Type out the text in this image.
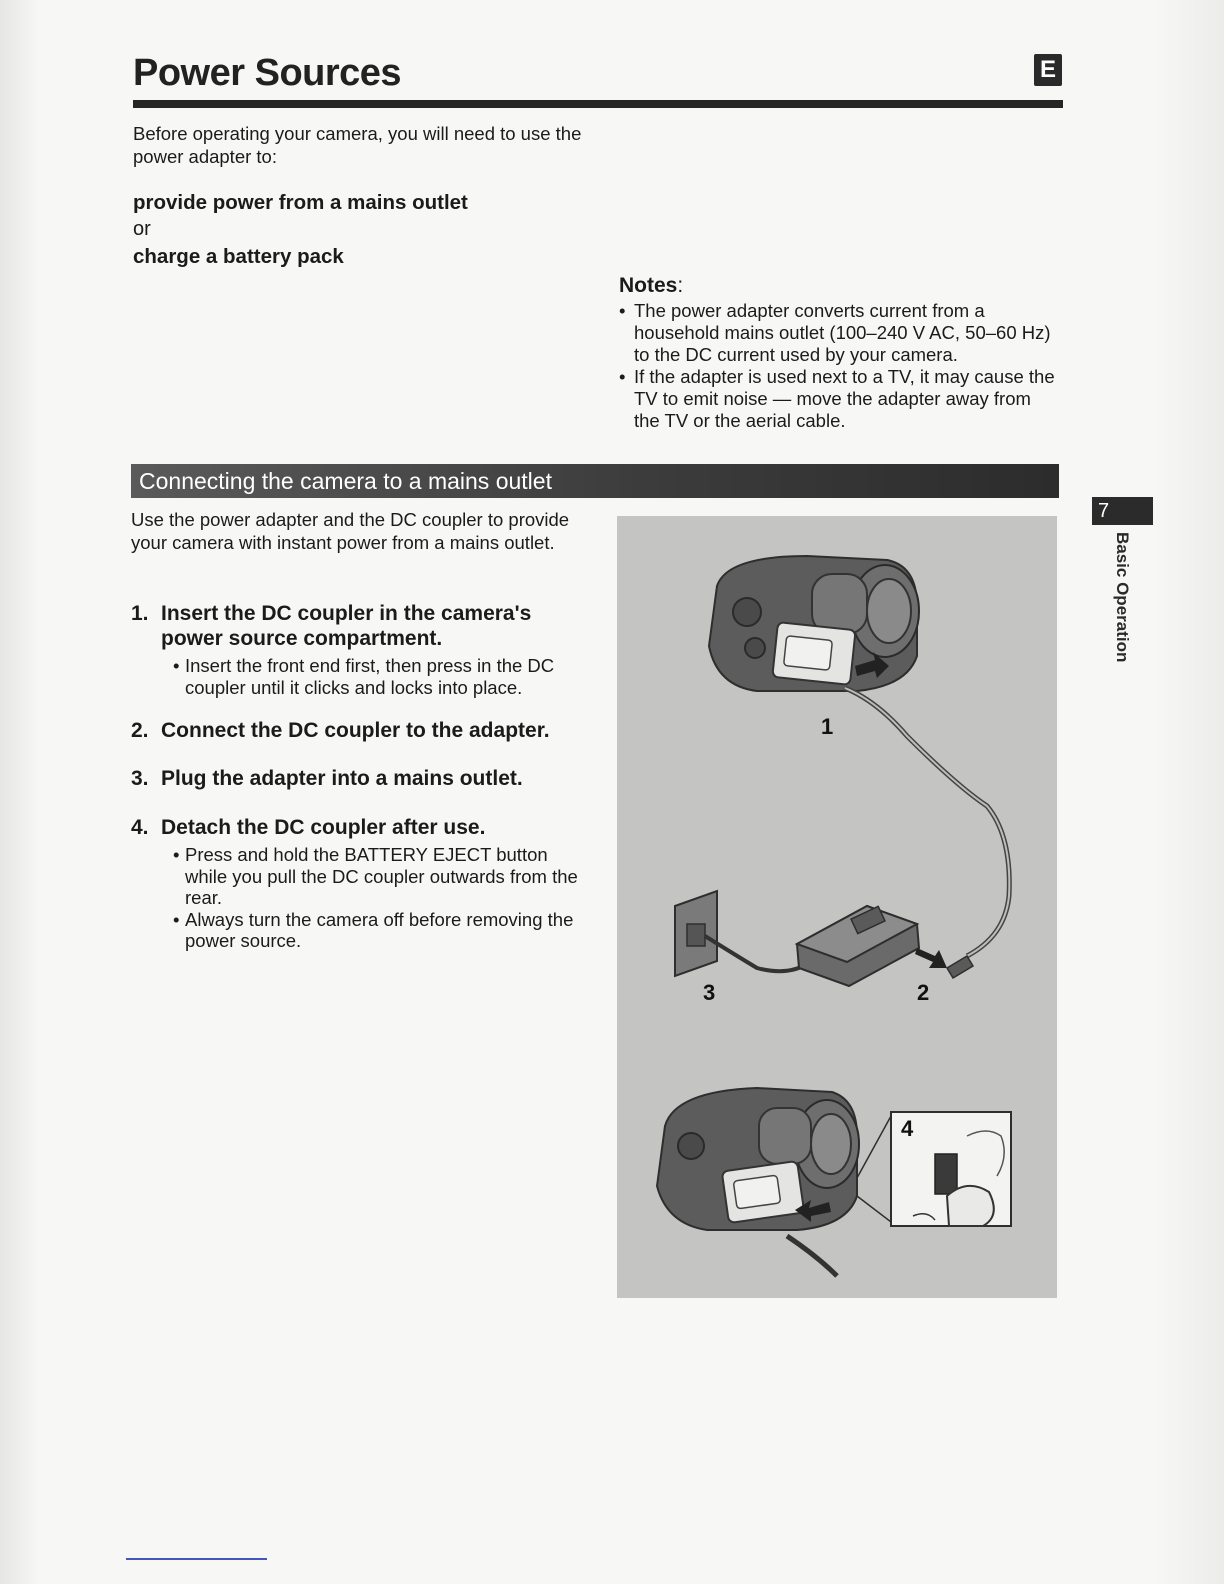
Power Sources	E
Before operating your camera, you will need to use the power adapter to:
provide power from a mains outlet
or
charge a battery pack
Notes:
• The power adapter converts current from a household mains outlet (100–240 V AC, 50–60 Hz) to the DC current used by your camera.
• If the adapter is used next to a TV, it may cause the TV to emit noise — move the adapter away from the TV or the aerial cable.
Connecting the camera to a mains outlet
Use the power adapter and the DC coupler to provide your camera with instant power from a mains outlet.
1. Insert the DC coupler in the camera's power source compartment.
• Insert the front end first, then press in the DC coupler until it clicks and locks into place.
2. Connect the DC coupler to the adapter.
3. Plug the adapter into a mains outlet.
4. Detach the DC coupler after use.
• Press and hold the BATTERY EJECT button while you pull the DC coupler outwards from the rear.
• Always turn the camera off before removing the power source.
1
2
3
4
7
Basic Operation
